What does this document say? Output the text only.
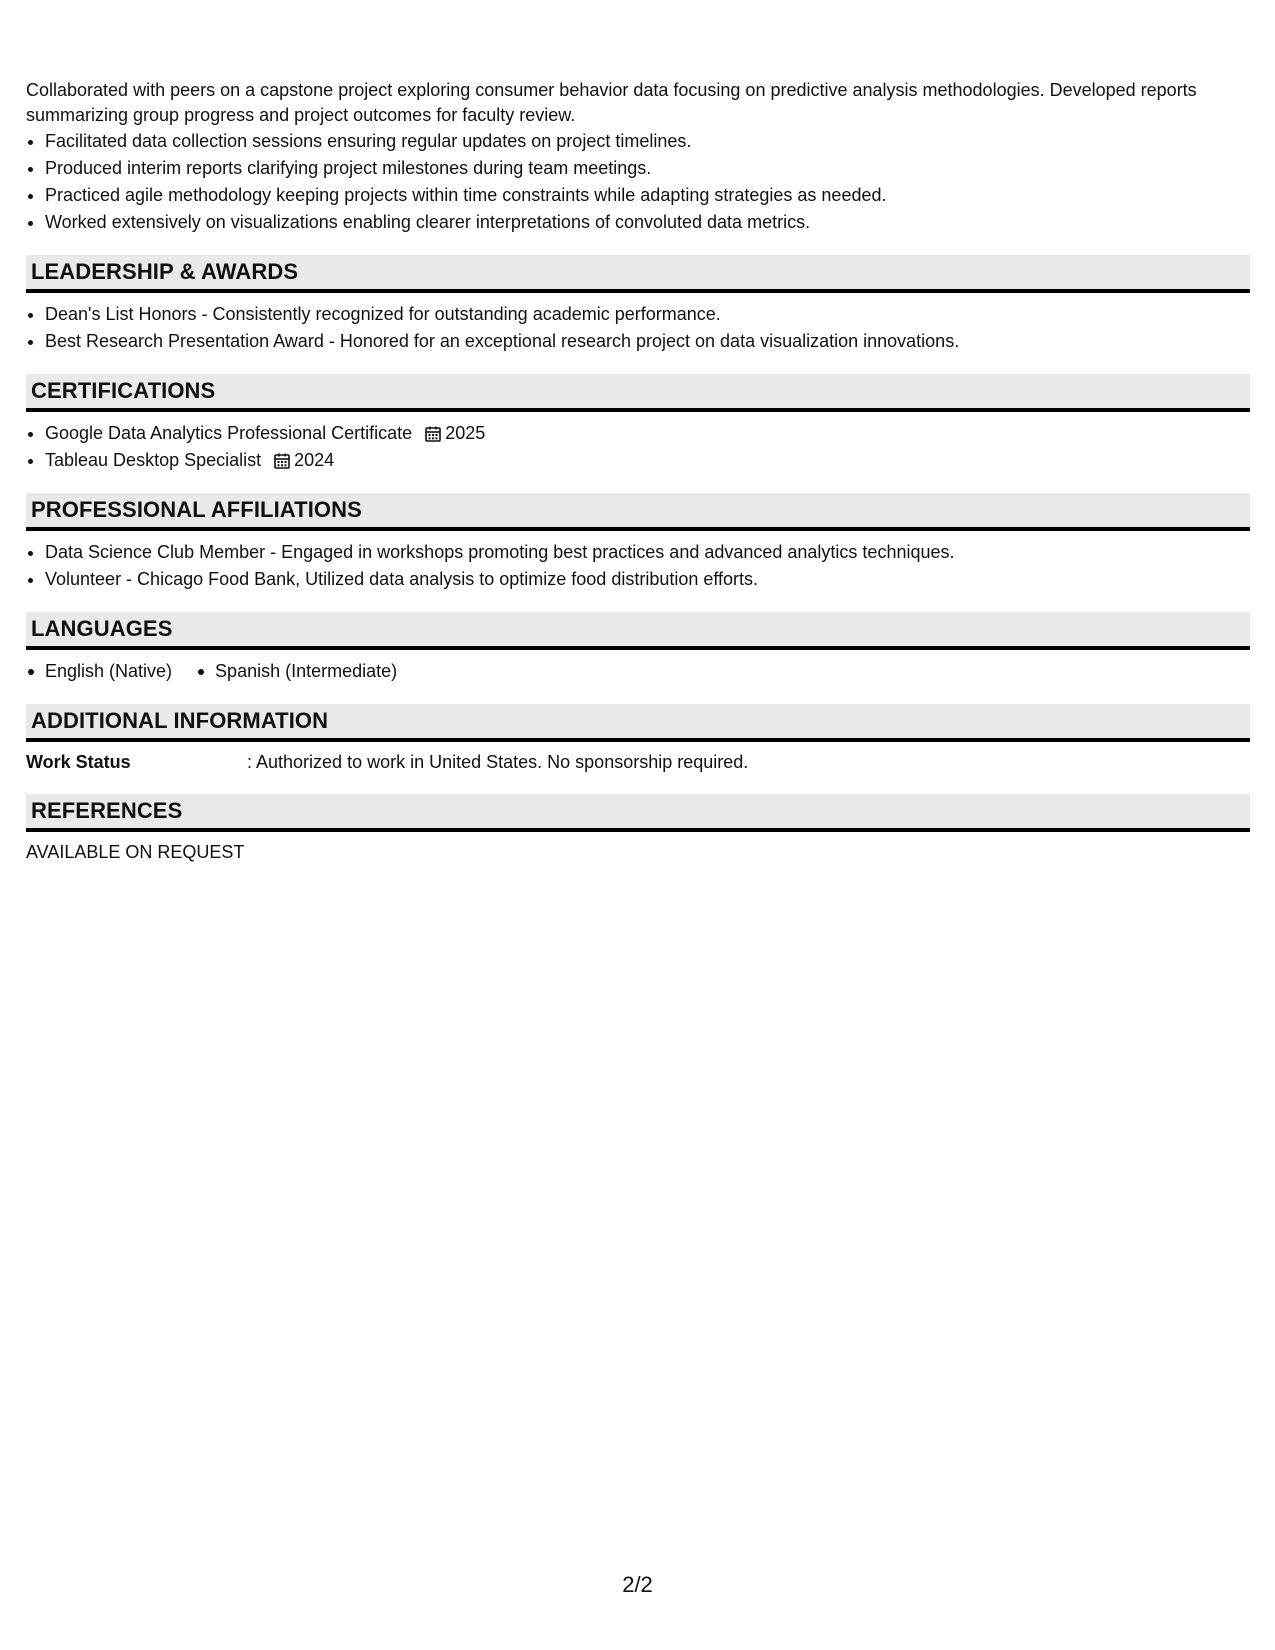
Collaborated with peers on a capstone project exploring consumer behavior data focusing on predictive analysis methodologies. Developed reports summarizing group progress and project outcomes for faculty review.

• Facilitated data collection sessions ensuring regular updates on project timelines.
• Produced interim reports clarifying project milestones during team meetings.
• Practiced agile methodology keeping projects within time constraints while adapting strategies as needed.
• Worked extensively on visualizations enabling clearer interpretations of convoluted data metrics.
LEADERSHIP & AWARDS
• Dean's List Honors - Consistently recognized for outstanding academic performance.
• Best Research Presentation Award - Honored for an exceptional research project on data visualization innovations.
CERTIFICATIONS
• Google Data Analytics Professional Certificate 2025
• Tableau Desktop Specialist 2024
PROFESSIONAL AFFILIATIONS
• Data Science Club Member - Engaged in workshops promoting best practices and advanced analytics techniques.
• Volunteer - Chicago Food Bank, Utilized data analysis to optimize food distribution efforts.
LANGUAGES
English (Native)	Spanish (Intermediate)
ADDITIONAL INFORMATION
Work Status	: Authorized to work in United States. No sponsorship required.
REFERENCES

AVAILABLE ON REQUEST

2/2
